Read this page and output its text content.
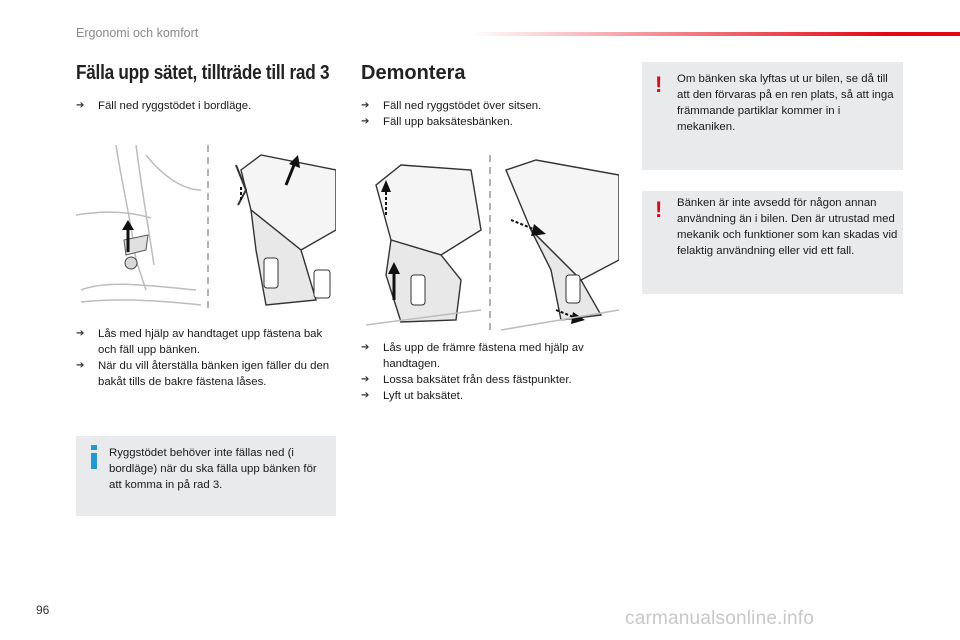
Ergonomi och komfort
Fälla upp sätet, tillträde till rad 3
➔ Fäll ned ryggstödet i bordläge.
➔ Lås med hjälp av handtaget upp fästena bak och fäll upp bänken.
➔ När du vill återställa bänken igen fäller du den bakåt tills de bakre fästena låses.
Ryggstödet behöver inte fällas ned (i bordläge) när du ska fälla upp bänken för att komma in på rad 3.
Demontera
➔ Fäll ned ryggstödet över sitsen.
➔ Fäll upp baksätesbänken.
➔ Lås upp de främre fästena med hjälp av handtagen.
➔ Lossa baksätet från dess fästpunkter.
➔ Lyft ut baksätet.
! Om bänken ska lyftas ut ur bilen, se då till att den förvaras på en ren plats, så att inga främmande partiklar kommer in i mekaniken.
! Bänken är inte avsedd för någon annan användning än i bilen. Den är utrustad med mekanik och funktioner som kan skadas vid felaktig användning eller vid ett fall.
96	carmanualsonline.info
